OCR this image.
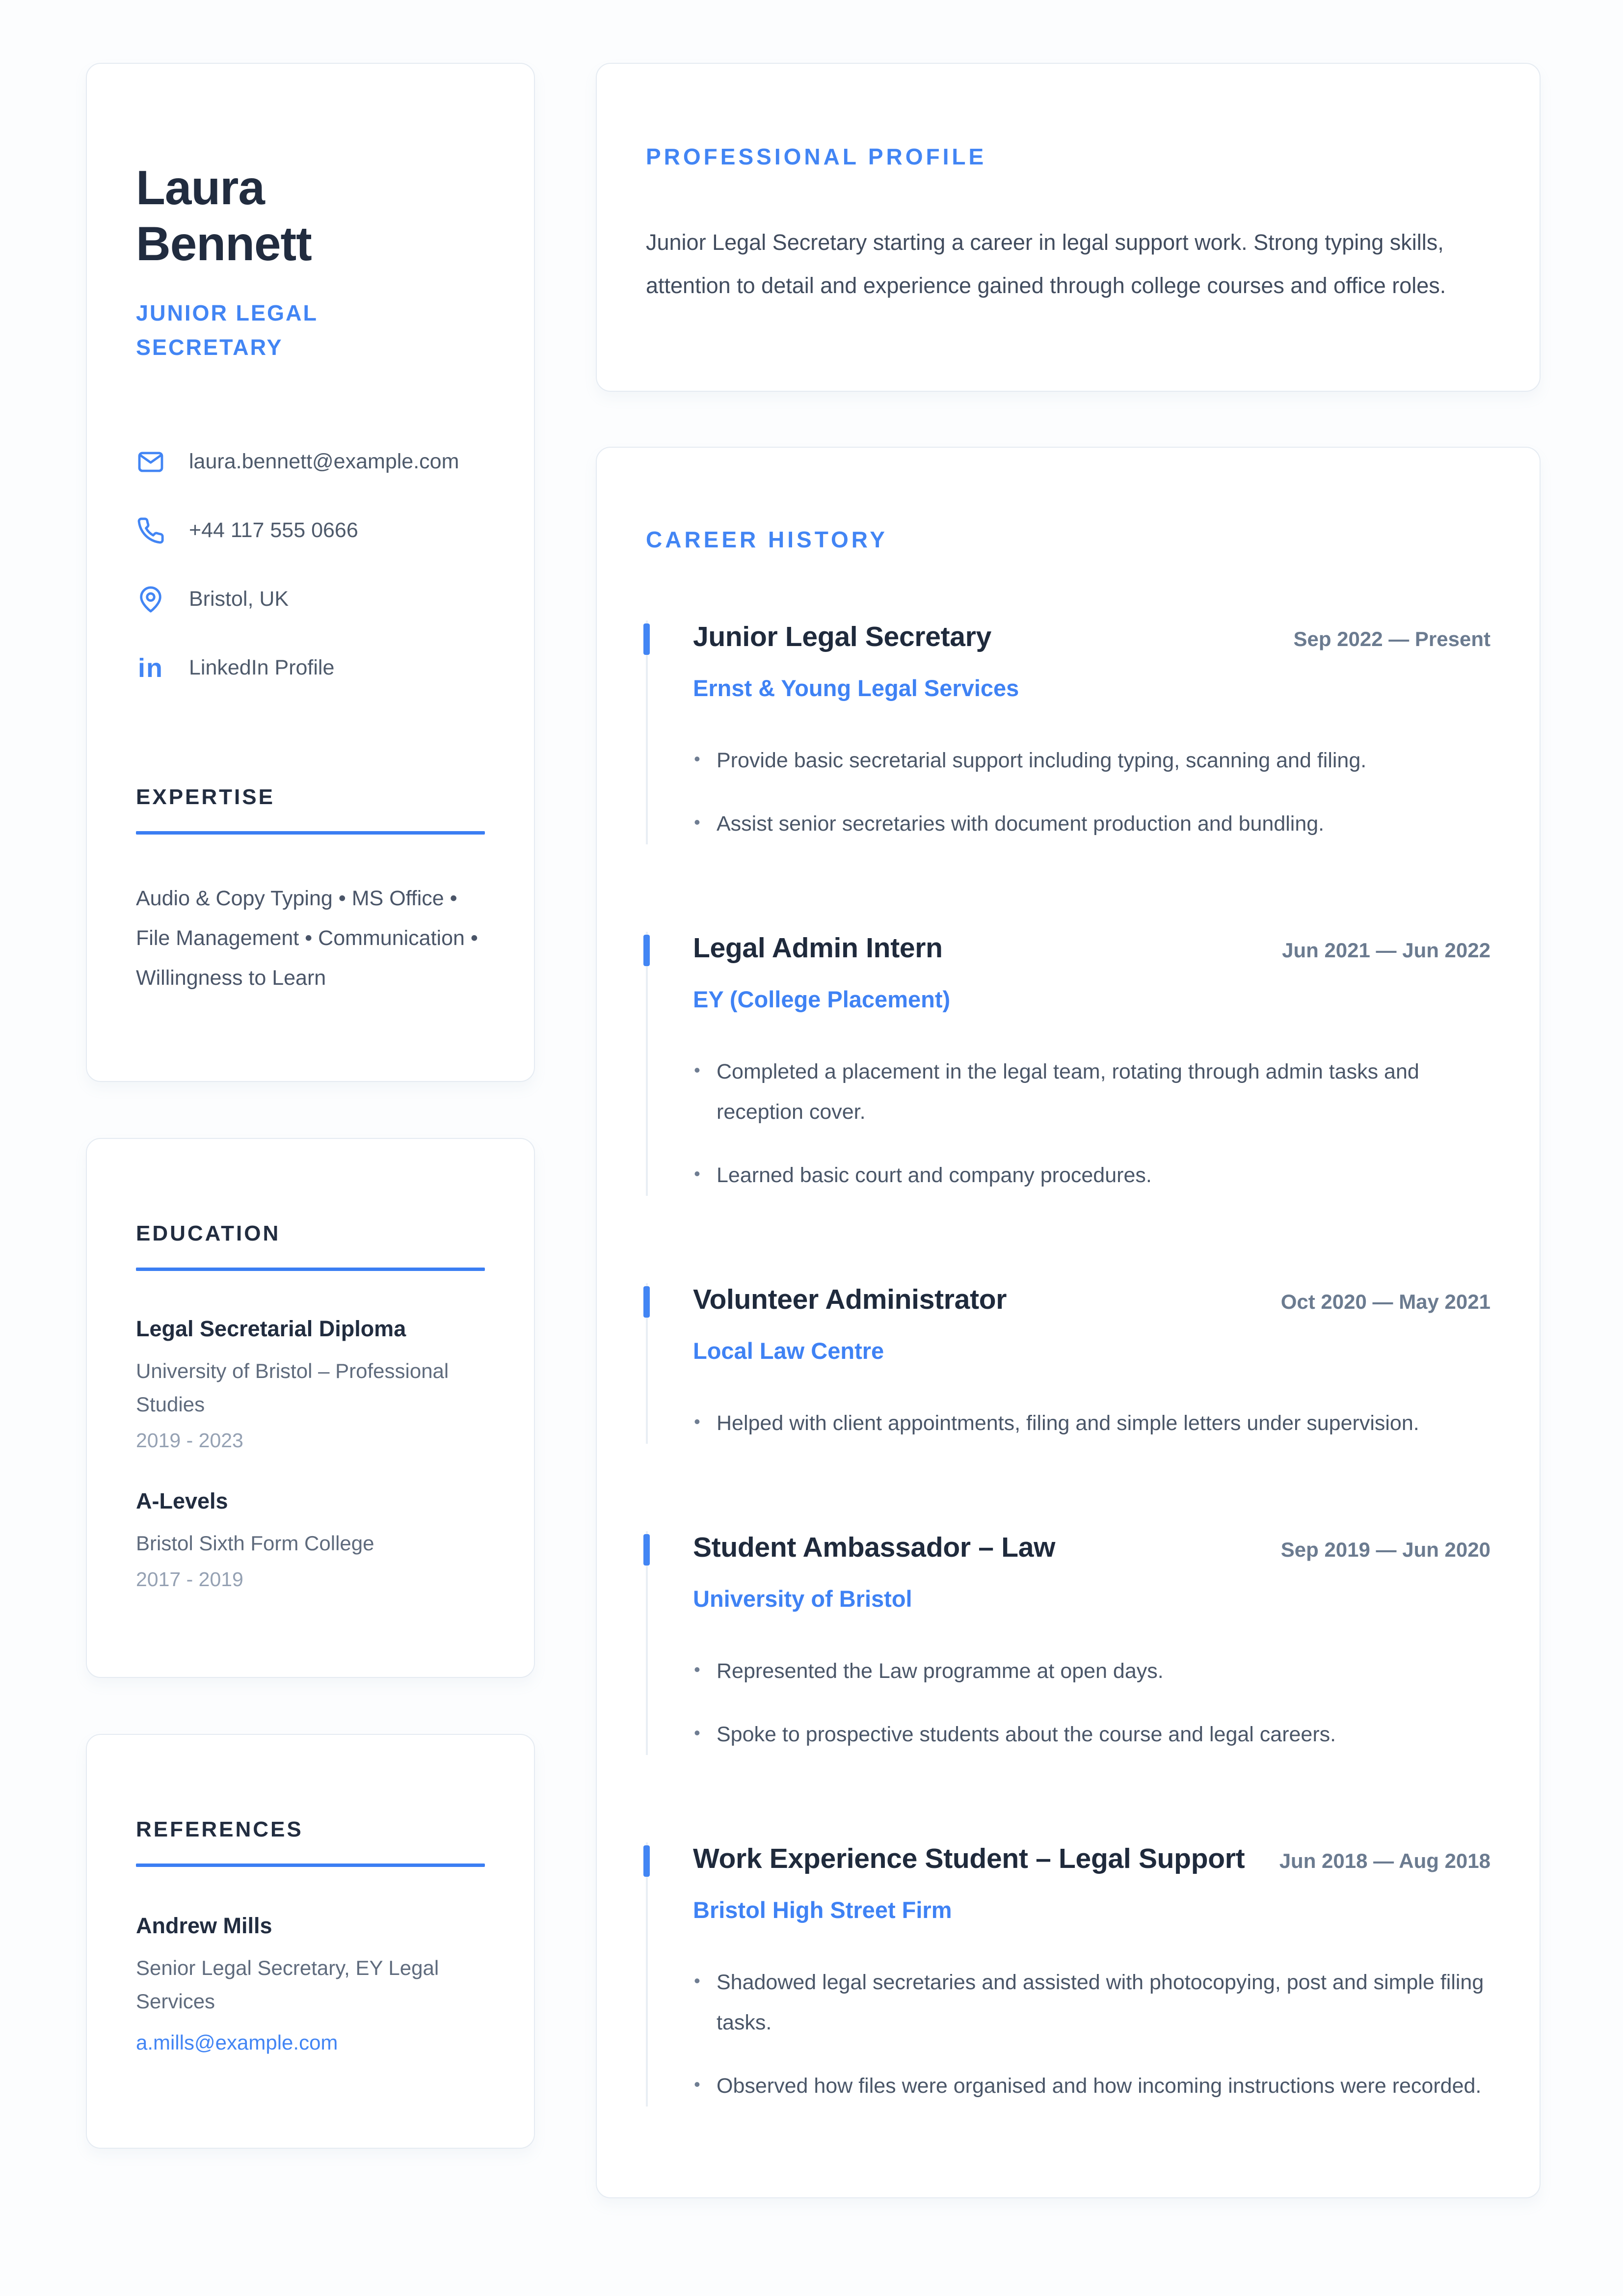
Laura Bennett
JUNIOR LEGAL SECRETARY
laura.bennett@example.com
+44 117 555 0666
Bristol, UK
in LinkedIn Profile
EXPERTISE
Audio & Copy Typing • MS Office • File Management • Communication • Willingness to Learn
EDUCATION
Legal Secretarial Diploma
University of Bristol – Professional Studies
2019 - 2023
A-Levels
Bristol Sixth Form College
2017 - 2019
REFERENCES
Andrew Mills
Senior Legal Secretary, EY Legal Services
a.mills@example.com
PROFESSIONAL PROFILE
Junior Legal Secretary starting a career in legal support work. Strong typing skills, attention to detail and experience gained through college courses and office roles.
CAREER HISTORY
Junior Legal Secretary	Sep 2022 — Present
Ernst & Young Legal Services
• Provide basic secretarial support including typing, scanning and filing.
• Assist senior secretaries with document production and bundling.
Legal Admin Intern	Jun 2021 — Jun 2022
EY (College Placement)
• Completed a placement in the legal team, rotating through admin tasks and reception cover.
• Learned basic court and company procedures.
Volunteer Administrator	Oct 2020 — May 2021
Local Law Centre
• Helped with client appointments, filing and simple letters under supervision.
Student Ambassador – Law	Sep 2019 — Jun 2020
University of Bristol
• Represented the Law programme at open days.
• Spoke to prospective students about the course and legal careers.
Work Experience Student – Legal Support Jun 2018 — Aug 2018
Bristol High Street Firm
• Shadowed legal secretaries and assisted with photocopying, post and simple filing tasks.
• Observed how files were organised and how incoming instructions were recorded.
